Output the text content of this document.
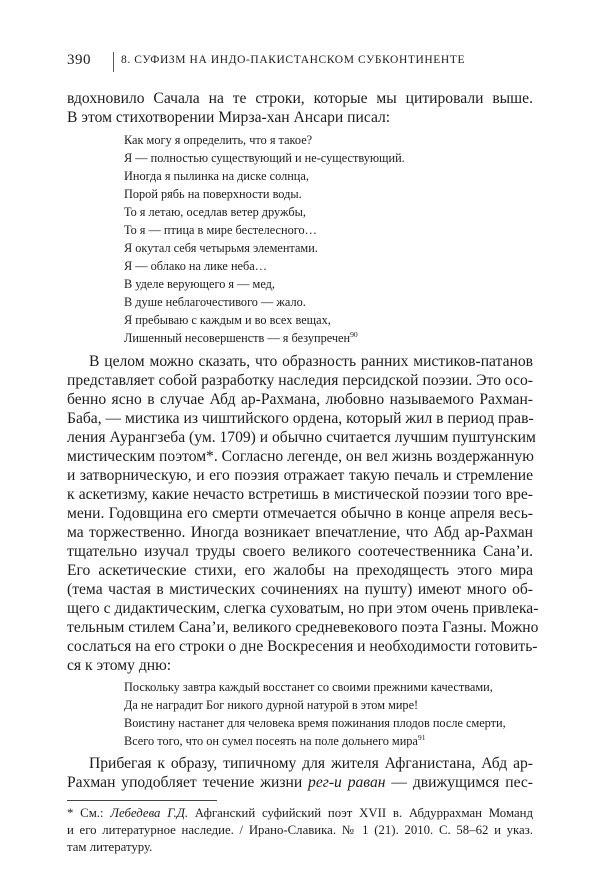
390	8. СУФИЗМ НА ИНДО-ПАКИСТАНСКОМ СУБКОНТИНЕНТЕ
вдохновило Сачала на те строки, которые мы цитировали выше.
В этом стихотворении Мирза-хан Ансари писал:
Как могу я определить, что я такое?
Я — полностью существующий и не-существующий.
Иногда я пылинка на диске солнца,
Порой рябь на поверхности воды.
То я летаю, оседлав ветер дружбы,
То я — птица в мире бестелесного…
Я окутал себя четырьмя элементами.
Я — облако на лике неба…
В уделе верующего я — мед,
В душе неблагочестивого — жало.
Я пребываю с каждым и во всех вещах,
Лишенный несовершенств — я безупречен$^{90}$
В целом можно сказать, что образность ранних мистиков-патанов
представляет собой разработку наследия персидской поэзии. Это осо-
бенно ясно в случае Абд ар-Рахмана, любовно называемого Рахман-
Баба, — мистика из чиштийского ордена, который жил в период прав-
ления Аурангзеба (ум. 1709) и обычно считается лучшим пуштунским
мистическим поэтом*. Согласно легенде, он вел жизнь воздержанную
и затворническую, и его поэзия отражает такую печаль и стремление
к аскетизму, какие нечасто встретишь в мистической поэзии того вре-
мени. Годовщина его смерти отмечается обычно в конце апреля весь-
ма торжественно. Иногда возникает впечатление, что Абд ар-Рахман
тщательно изучал труды своего великого соотечественника Сана’и.
Его аскетические стихи, его жалобы на преходящесть этого мира
(тема частая в мистических сочинениях на пушту) имеют много об-
щего с дидактическим, слегка суховатым, но при этом очень привлека-
тельным стилем Сана’и, великого средневекового поэта Газны. Можно
сослаться на его строки о дне Воскресения и необходимости готовить-
ся к этому дню:
Поскольку завтра каждый восстанет со своими прежними качествами,
Да не наградит Бог никого дурной натурой в этом мире!
Воистину настанет для человека время пожинания плодов после смерти,
Всего того, что он сумел посеять на поле дольнего мира$^{91}$
Прибегая к образу, типичному для жителя Афганистана, Абд ар-
Рахман уподобляет течение жизни рег-и раван — движущимся пес-
* См.: Лебедева Г.Д. Афганский суфийский поэт XVII в. Абдуррахман Моманд
и его литературное наследие. / Ирано-Славика. № 1 (21). 2010. С. 58–62 и указ.
там литературу.
